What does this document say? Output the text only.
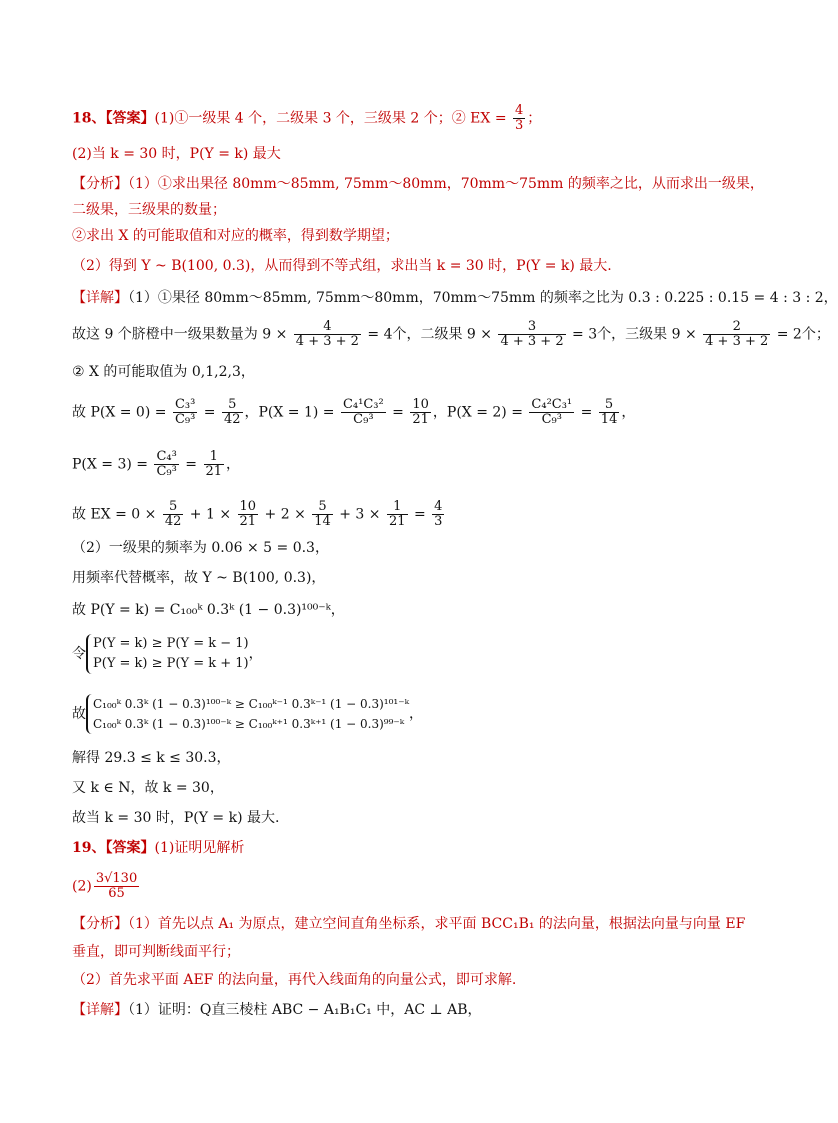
18、【答案】(1)①一级果 4 个，二级果 3 个，三级果 2 个；② EX = $\frac{4}{3}$ ；
(2)当 k = 30 时，P(Y = k) 最大
【分析】（1）①求出果径 80mm～85mm, 75mm～80mm，70mm～75mm 的频率之比，从而求出一级果，
二级果，三级果的数量；
②求出 X 的可能取值和对应的概率，得到数学期望；
（2）得到 Y ~ B(100, 0.3)，从而得到不等式组，求出当 k = 30 时，P(Y = k) 最大.
【详解】（1）①果径 80mm～85mm, 75mm～80mm，70mm～75mm 的频率之比为 0.3 : 0.225 : 0.15 = 4 : 3 : 2，
故这 9 个脐橙中一级果数量为 $9 \times \frac{4}{4 + 3 + 2} = 4$个，二级果 $9 \times \frac{3}{4 + 3 + 2} = 3$个，三级果 $9 \times \frac{2}{4 + 3 + 2} = 2$个；
② X 的可能取值为 0,1,2,3，
故 $P(X = 0) = \frac{\text{C₃³}}{\text{C₉³}} = \frac{5}{42}$ ，$P(X = 1) = \frac{\text{C₄¹C₃²}}{\text{C₉³}} = \frac{10}{21}$ ，$P(X = 2) = \frac{\text{C₄²C₃¹}}{\text{C₉³}} = \frac{5}{14}$ ，
$P(X = 3) = \frac{\text{C₄³}}{\text{C₉³}} = \frac{1}{21}$ ，
故 EX = $0 \times \frac{5}{42} + 1 \times \frac{10}{21} + 2 \times \frac{5}{14} + 3 \times \frac{1}{21} = \frac{4}{3}$
（2）一级果的频率为 0.06 × 5 = 0.3，
用频率代替概率，故 Y ~ B(100, 0.3)，
故 P(Y = k) = C₁₀₀ᵏ 0.3ᵏ (1 − 0.3)¹⁰⁰⁻ᵏ，
令
P(Y = k) ≥ P(Y = k − 1)
P(Y = k) ≥ P(Y = k + 1)
，
故
C₁₀₀ᵏ 0.3ᵏ (1 − 0.3)¹⁰⁰⁻ᵏ ≥ C₁₀₀ᵏ⁻¹ 0.3ᵏ⁻¹ (1 − 0.3)¹⁰¹⁻ᵏ
C₁₀₀ᵏ 0.3ᵏ (1 − 0.3)¹⁰⁰⁻ᵏ ≥ C₁₀₀ᵏ⁺¹ 0.3ᵏ⁺¹ (1 − 0.3)⁹⁹⁻ᵏ
，
解得 29.3 ≤ k ≤ 30.3，
又 k ∈ N，故 k = 30，
故当 k = 30 时，P(Y = k) 最大.
19、【答案】(1)证明见解析
$(2) \frac{3√130}{65}$
【分析】（1）首先以点 A₁ 为原点，建立空间直角坐标系，求平面 BCC₁B₁ 的法向量，根据法向量与向量 EF
垂直，即可判断线面平行；
（2）首先求平面 AEF 的法向量，再代入线面角的向量公式，即可求解.
【详解】（1）证明：Q直三棱柱 ABC − A₁B₁C₁ 中，AC ⊥ AB，
